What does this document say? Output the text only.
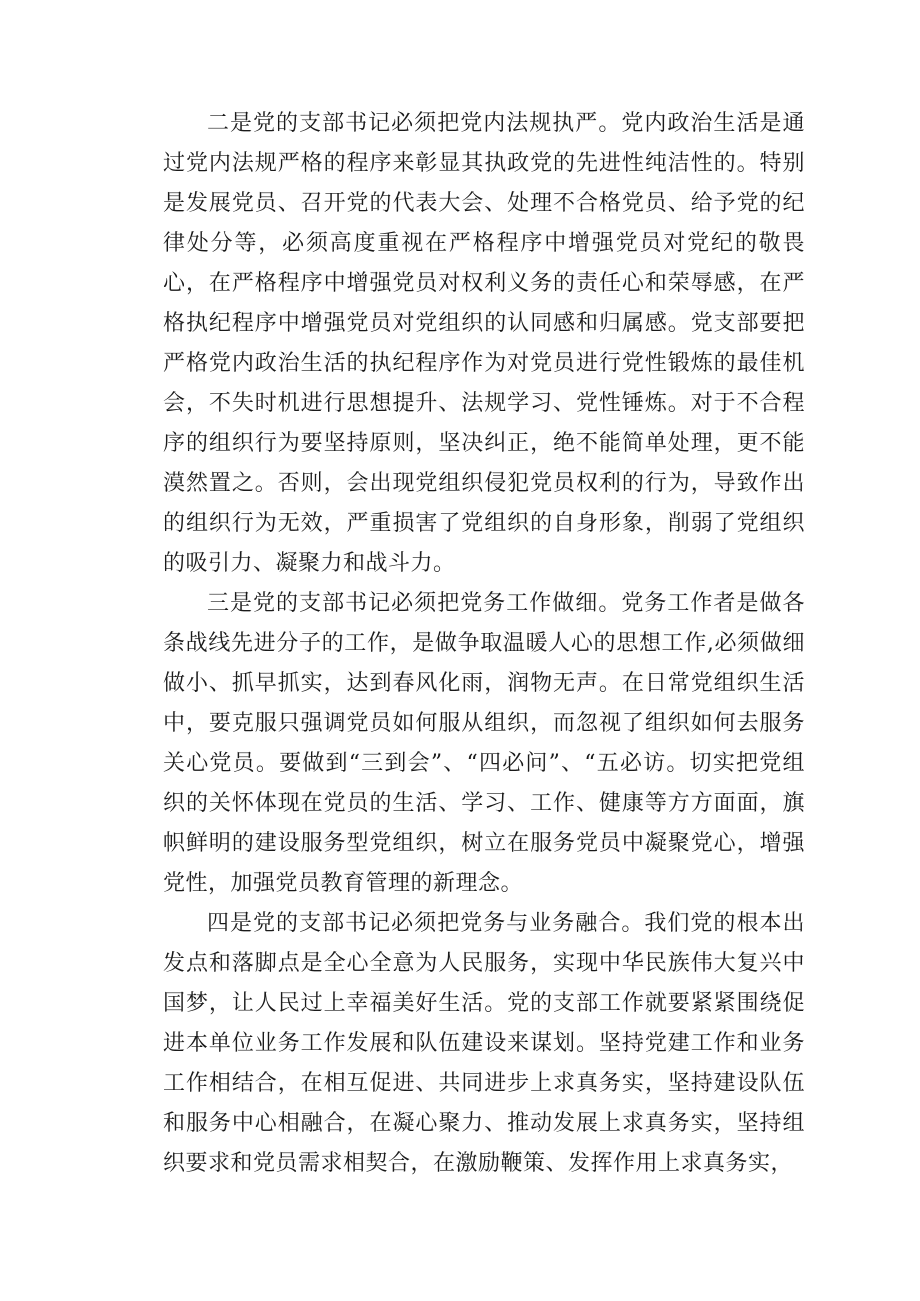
二是党的支部书记必须把党内法规执严。党内政治生活是通过党内法规严格的程序来彰显其执政党的先进性纯洁性的。特别是发展党员、召开党的代表大会、处理不合格党员、给予党的纪律处分等，必须高度重视在严格程序中增强党员对党纪的敬畏心，在严格程序中增强党员对权利义务的责任心和荣辱感，在严格执纪程序中增强党员对党组织的认同感和归属感。党支部要把严格党内政治生活的执纪程序作为对党员进行党性锻炼的最佳机会，不失时机进行思想提升、法规学习、党性锤炼。对于不合程序的组织行为要坚持原则，坚决纠正，绝不能简单处理，更不能漠然置之。否则，会出现党组织侵犯党员权利的行为，导致作出的组织行为无效，严重损害了党组织的自身形象，削弱了党组织的吸引力、凝聚力和战斗力。

三是党的支部书记必须把党务工作做细。党务工作者是做各条战线先进分子的工作，是做争取温暖人心的思想工作,必须做细做小、抓早抓实，达到春风化雨，润物无声。在日常党组织生活中，要克服只强调党员如何服从组织，而忽视了组织如何去服务关心党员。要做到“三到会”、“四必问”、“五必访。切实把党组织的关怀体现在党员的生活、学习、工作、健康等方方面面，旗帜鲜明的建设服务型党组织，树立在服务党员中凝聚党心，增强党性，加强党员教育管理的新理念。

四是党的支部书记必须把党务与业务融合。我们党的根本出发点和落脚点是全心全意为人民服务，实现中华民族伟大复兴中国梦，让人民过上幸福美好生活。党的支部工作就要紧紧围绕促进本单位业务工作发展和队伍建设来谋划。坚持党建工作和业务工作相结合，在相互促进、共同进步上求真务实，坚持建设队伍和服务中心相融合，在凝心聚力、推动发展上求真务实，坚持组织要求和党员需求相契合，在激励鞭策、发挥作用上求真务实，
